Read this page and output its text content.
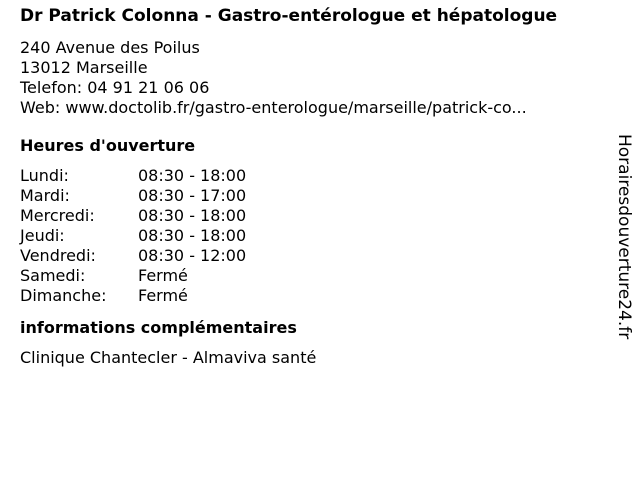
Dr Patrick Colonna - Gastro-entérologue et hépatologue
240 Avenue des Poilus
13012 Marseille
Telefon: 04 91 21 06 06
Web: www.doctolib.fr/gastro-enterologue/marseille/patrick-co...
Heures d'ouverture
Lundi:	08:30 - 18:00
Mardi:	08:30 - 17:00
Mercredi:	08:30 - 18:00
Jeudi:	08:30 - 18:00
Vendredi:	08:30 - 12:00
Samedi:	Fermé
Dimanche:	Fermé
informations complémentaires
Clinique Chantecler - Almaviva santé
Horairesdouverture24.fr
